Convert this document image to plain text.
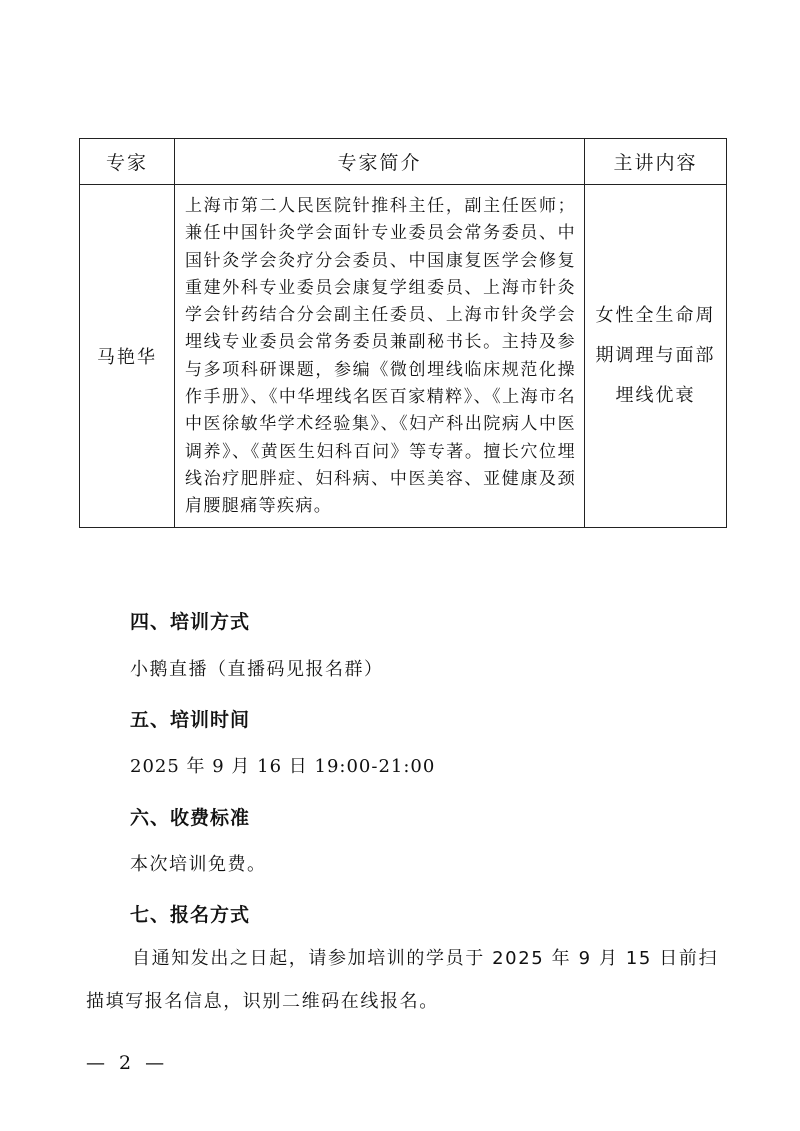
专家	专家简介	主讲内容
马艳华	上海市第二人民医院针推科主任，副主任医师；兼任中国针灸学会面针专业委员会常务委员、中国针灸学会灸疗分会委员、中国康复医学会修复重建外科专业委员会康复学组委员、上海市针灸学会针药结合分会副主任委员、上海市针灸学会埋线专业委员会常务委员兼副秘书长。主持及参与多项科研课题，参编《微创埋线临床规范化操作手册》、《中华埋线名医百家精粹》、《上海市名中医徐敏华学术经验集》、《妇产科出院病人中医调养》、《黄医生妇科百问》等专著。擅长穴位埋线治疗肥胖症、妇科病、中医美容、亚健康及颈肩腰腿痛等疾病。	女性全生命周期调理与面部埋线优衰
四、培训方式
小鹅直播（直播码见报名群）
五、培训时间
2025 年 9 月 16 日 19:00-21:00
六、收费标准
本次培训免费。
七、报名方式
自通知发出之日起，请参加培训的学员于 2025 年 9 月 15 日前扫描填写报名信息，识别二维码在线报名。
— 2 —
